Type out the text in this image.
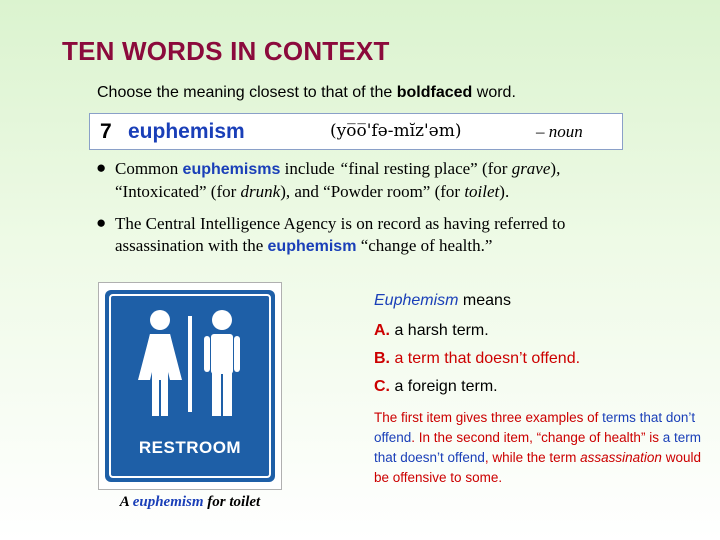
TEN WORDS IN CONTEXT
Choose the meaning closest to that of the boldfaced word.
7 euphemism	(yo̅o̅'fə-mĭz'əm)	– noun
● Common euphemisms include “final resting place” (for grave), “Intoxicated” (for drunk), and “Powder room” (for toilet).
● The Central Intelligence Agency is on record as having referred to assassination with the euphemism “change of health.”
RESTROOM
A euphemism for toilet
Euphemism means
A. a harsh term.
B. a term that doesn’t offend.
C. a foreign term.
The first item gives three examples of terms that don’t offend. In the second item, “change of health” is a term that doesn’t offend, while the term assassination would be offensive to some.
